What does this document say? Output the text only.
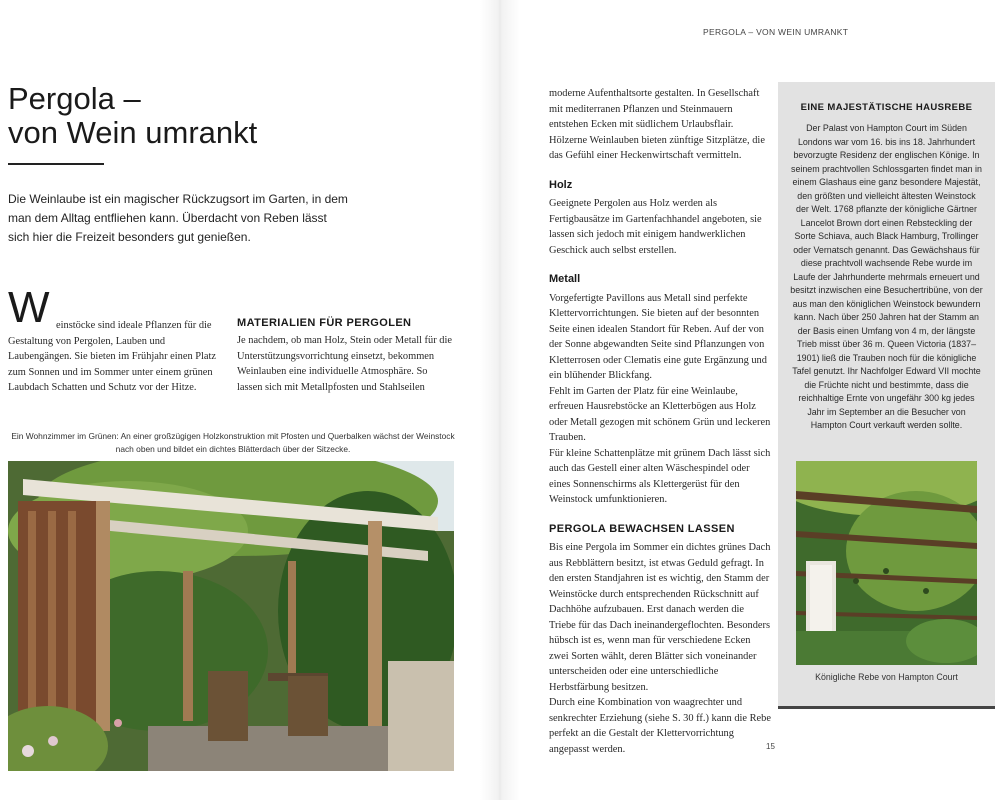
PERGOLA – VON WEIN UMRANKT
Pergola –
von Wein umrankt
Die Weinlaube ist ein magischer Rückzugsort im Garten, in dem man dem Alltag entfliehen kann. Überdacht von Reben lässt sich hier die Freizeit besonders gut genießen.
W einstöcke sind ideale Pflanzen für die
Gestaltung von Pergolen, Lauben und Laubengängen. Sie bieten im Frühjahr einen Platz zum Sonnen und im Sommer unter einem grünen Laubdach Schatten und Schutz vor der Hitze.
MATERIALIEN FÜR PERGOLEN
Je nachdem, ob man Holz, Stein oder Metall für die Unterstützungsvorrichtung einsetzt, bekommen Weinlauben eine individuelle Atmosphäre. So lassen sich mit Metallpfosten und Stahlseilen
Ein Wohnzimmer im Grünen: An einer großzügigen Holzkonstruktion mit Pfosten und Querbalken wächst der Weinstock nach oben und bildet ein dichtes Blätterdach über der Sitzecke.

moderne Aufenthaltsorte gestalten. In Gesellschaft mit mediterranen Pflanzen und Steinmauern entstehen Ecken mit südlichem Urlaubsflair. Hölzerne Weinlauben bieten zünftige Sitzplätze, die das Gefühl einer Heckenwirtschaft vermitteln.

Holz

Geeignete Pergolen aus Holz werden als Fertigbausätze im Gartenfachhandel angeboten, sie lassen sich jedoch mit einigem handwerklichen Geschick auch selbst erstellen.

Metall

Vorgefertigte Pavillons aus Metall sind perfekte Klettervorrichtungen. Sie bieten auf der besonnten Seite einen idealen Standort für Reben. Auf der von der Sonne abgewandten Seite sind Pflanzungen von Kletterrosen oder Clematis eine gute Ergänzung und ein blühender Blickfang.

Fehlt im Garten der Platz für eine Weinlaube, erfreuen Hausrebstöcke an Kletterbögen aus Holz oder Metall gezogen mit schönem Grün und leckeren Trauben.

Für kleine Schattenplätze mit grünem Dach lässt sich auch das Gestell einer alten Wäschespindel oder eines Sonnenschirms als Klettergerüst für den Weinstock umfunktionieren.

PERGOLA BEWACHSEN LASSEN

Bis eine Pergola im Sommer ein dichtes grünes Dach aus Rebblättern besitzt, ist etwas Geduld gefragt. In den ersten Standjahren ist es wichtig, den Stamm der Weinstöcke durch entsprechenden Rückschnitt auf Dachhöhe aufzubauen. Erst danach werden die Triebe für das Dach ineinandergeflochten. Besonders hübsch ist es, wenn man für verschiedene Ecken zwei Sorten wählt, deren Blätter sich voneinander unterscheiden oder eine unterschiedliche Herbstfärbung besitzen.

Durch eine Kombination von waagrechter und senkrechter Erziehung (siehe S. 30 ff.) kann die Rebe perfekt an die Gestalt der Klettervorrichtung angepasst werden.

EINE MAJESTÄTISCHE HAUSREBE
Der Palast von Hampton Court im Süden Londons war vom 16. bis ins 18. Jahrhundert bevorzugte Residenz der englischen Könige. In seinem prachtvollen Schlossgarten findet man in einem Glashaus eine ganz besondere Majestät, den größten und vielleicht ältesten Weinstock der Welt. 1768 pflanzte der königliche Gärtner Lancelot Brown dort einen Rebsteckling der Sorte Schiava, auch Black Hamburg, Trollinger oder Vernatsch genannt. Das Gewächshaus für diese prachtvoll wachsende Rebe wurde im Laufe der Jahrhunderte mehrmals erneuert und besitzt inzwischen eine Besuchertribüne, von der aus man den königlichen Weinstock bewundern kann. Nach über 250 Jahren hat der Stamm an der Basis einen Umfang von 4 m, der längste Trieb misst über 36 m. Queen Victoria (1837–1901) ließ die Trauben noch für die königliche Tafel genutzt. Ihr Nachfolger Edward VII mochte die Früchte nicht und bestimmte, dass die reichhaltige Ernte von ungefähr 300 kg jedes Jahr im September an die Besucher von Hampton Court verkauft werden sollte.
Königliche Rebe von Hampton Court
15
